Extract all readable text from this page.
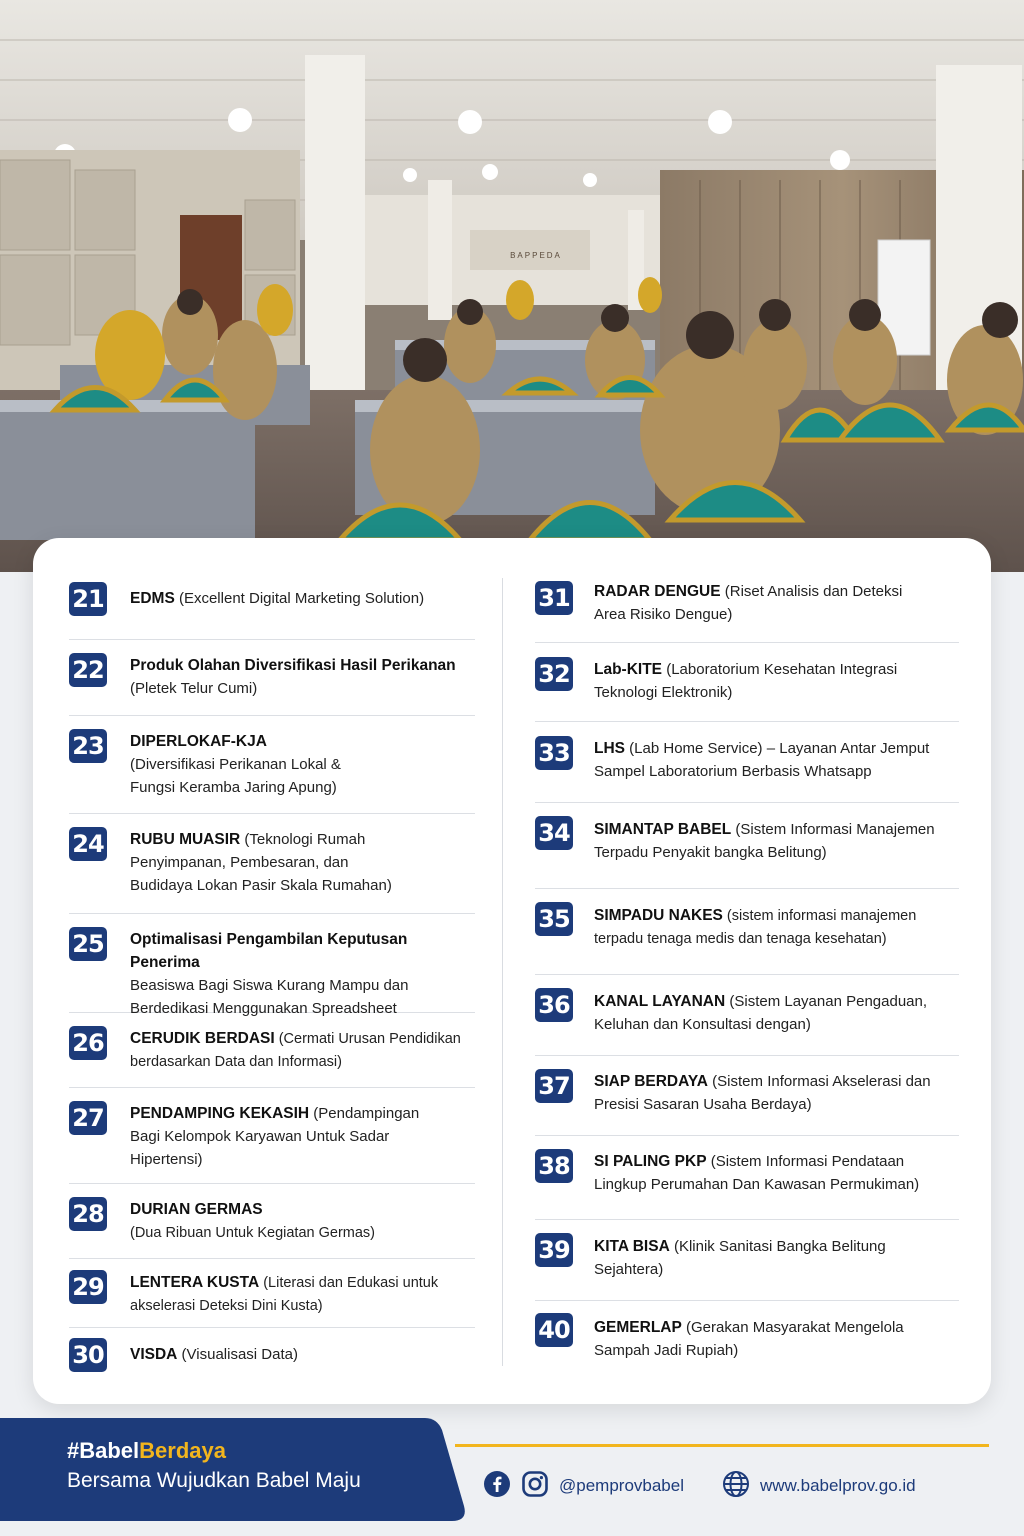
BAPPEDA
21 EDMS (Excellent Digital Marketing Solution)
22 Produk Olahan Diversifikasi Hasil Perikanan
(Pletek Telur Cumi)
23 DIPERLOKAF-KJA
(Diversifikasi Perikanan Lokal & Fungsi Keramba Jaring Apung)
24 RUBU MUASIR (Teknologi Rumah Penyimpanan, Pembesaran, dan Budidaya Lokan Pasir Skala Rumahan)
25 Optimalisasi Pengambilan Keputusan Penerima
Beasiswa Bagi Siswa Kurang Mampu dan Berdedikasi Menggunakan Spreadsheet
26 CERUDIK BERDASI (Cermati Urusan Pendidikan berdasarkan Data dan Informasi)
27 PENDAMPING KEKASIH (Pendampingan Bagi Kelompok Karyawan Untuk Sadar Hipertensi)
28 DURIAN GERMAS
(Dua Ribuan Untuk Kegiatan Germas)
29 LENTERA KUSTA (Literasi dan Edukasi untuk akselerasi Deteksi Dini Kusta)
30 VISDA (Visualisasi Data)
31 RADAR DENGUE (Riset Analisis dan Deteksi Area Risiko Dengue)
32 Lab-KITE (Laboratorium Kesehatan Integrasi Teknologi Elektronik)
33 LHS (Lab Home Service) – Layanan Antar Jemput Sampel Laboratorium Berbasis Whatsapp
34 SIMANTAP BABEL (Sistem Informasi Manajemen Terpadu Penyakit bangka Belitung)
35 SIMPADU NAKES (sistem informasi manajemen terpadu tenaga medis dan tenaga kesehatan)
36 KANAL LAYANAN (Sistem Layanan Pengaduan, Keluhan dan Konsultasi dengan)
37 SIAP BERDAYA (Sistem Informasi Akselerasi dan Presisi Sasaran Usaha Berdaya)
38 SI PALING PKP (Sistem Informasi Pendataan Lingkup Perumahan Dan Kawasan Permukiman)
39 KITA BISA (Klinik Sanitasi Bangka Belitung Sejahtera)
40 GEMERLAP (Gerakan Masyarakat Mengelola Sampah Jadi Rupiah)
#BabelBerdaya
Bersama Wujudkan Babel Maju	@pemprovbabel	www.babelprov.go.id
